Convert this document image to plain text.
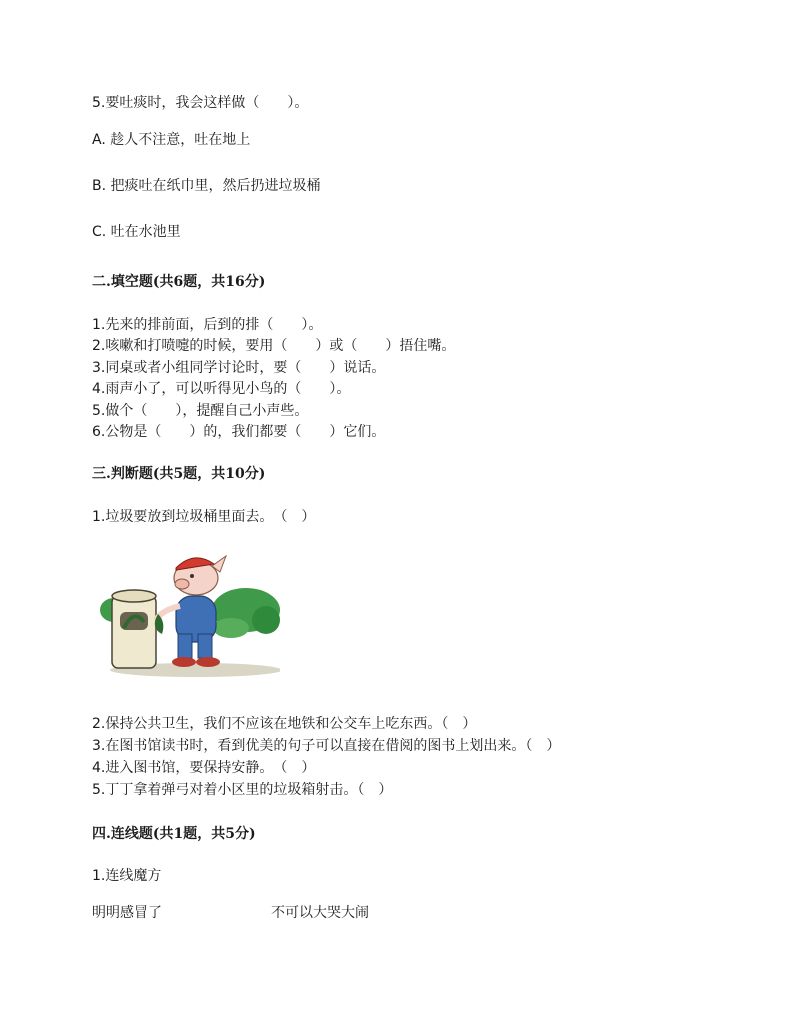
5.要吐痰时，我会这样做（　　）。
A. 趁人不注意，吐在地上
B. 把痰吐在纸巾里，然后扔进垃圾桶
C. 吐在水池里
二.填空题(共6题，共16分)
1.先来的排前面，后到的排（　　）。
2.咳嗽和打喷嚏的时候，要用（　　）或（　　）捂住嘴。
3.同桌或者小组同学讨论时，要（　　）说话。
4.雨声小了，可以听得见小鸟的（　　）。
5.做个（　　），提醒自己小声些。
6.公物是（　　）的，我们都要（　　）它们。
三.判断题(共5题，共10分)
1.垃圾要放到垃圾桶里面去。　（　）
2.保持公共卫生，我们不应该在地铁和公交车上吃东西。（　）
3.在图书馆读书时，看到优美的句子可以直接在借阅的图书上划出来。（　）
4.进入图书馆，要保持安静。　（　）
5.丁丁拿着弹弓对着小区里的垃圾箱射击。（　）
四.连线题(共1题，共5分)
1.连线魔方
明明感冒了	不可以大哭大闹
